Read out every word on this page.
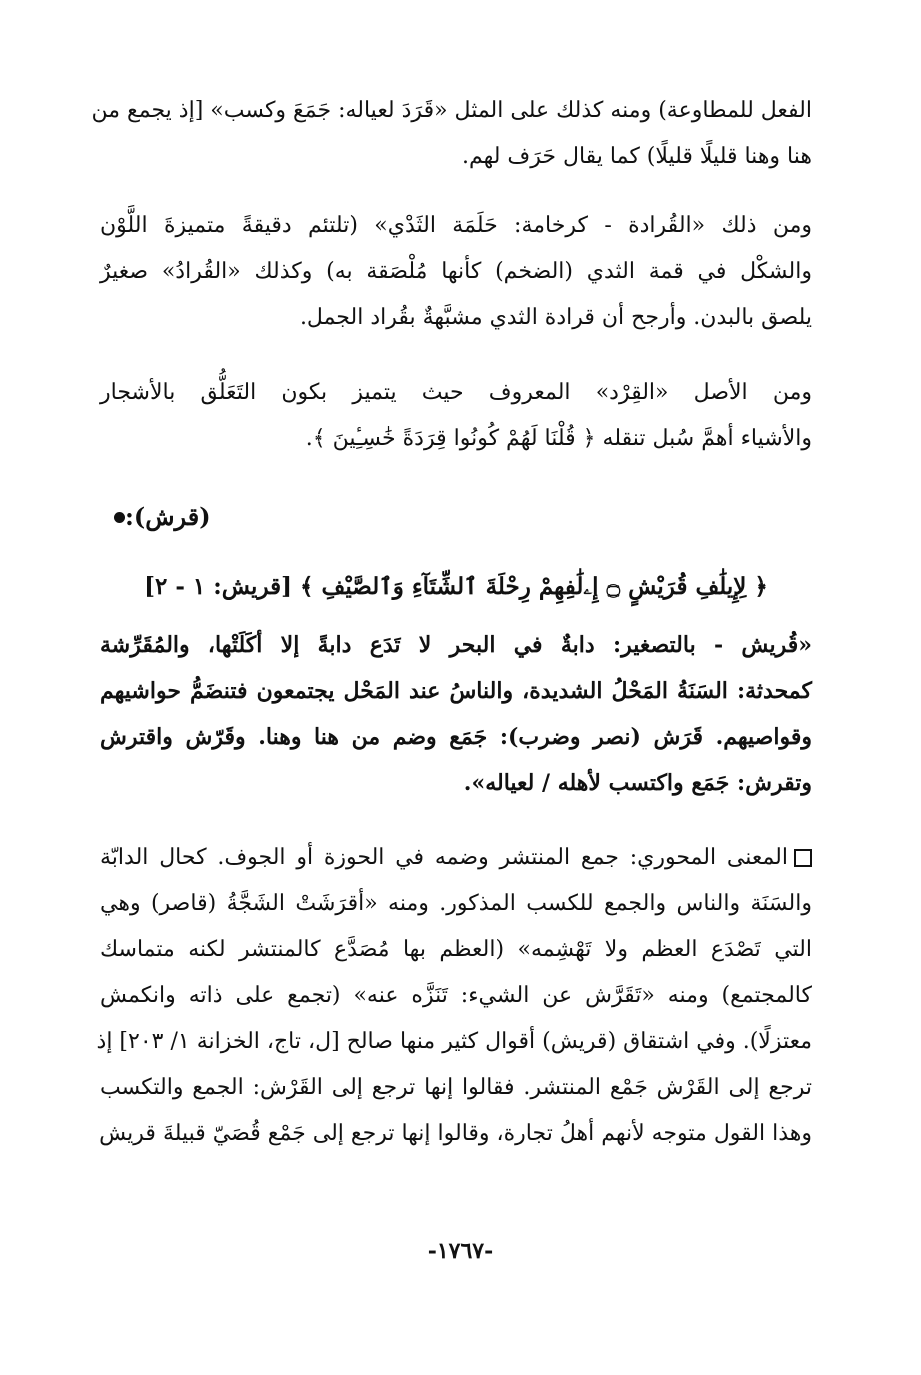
الفعل للمطاوعة) ومنه كذلك على المثل «قَرَدَ لعياله: جَمَعَ وكسب» [إذ يجمع من
هنا وهنا قليلًا قليلًا) كما يقال حَرَف لهم.
ومن ذلك «القُرادة - كرخامة: حَلَمَة الثَدْي» (تلتئم دقيقةً متميزةَ اللَّوْن
والشكْل في قمة الثدي (الضخم) كأنها مُلْصَقة به) وكذلك «القُرادُ» صغيرٌ
يلصق بالبدن. وأرجح أن قرادة الثدي مشبَّهةٌ بقُراد الجمل.
ومن الأصل «القِرْد» المعروف حيث يتميز بكون التَعَلُّق بالأشجار
والأشياء أهمَّ سُبل تنقله ﴿ قُلْنَا لَهُمْ كُونُوا قِرَدَةً خَٰسِـِٔينَ ﴾.
(قرش):
﴿ لِإِيلَٰفِ قُرَيْشٍ ۝ إِۦلَٰفِهِمْ رِحْلَةَ ٱلشِّتَآءِ وَٱلصَّيْفِ ﴾ [قريش: ١ - ٢]
«قُريش - بالتصغير: دابةٌ في البحر لا تَدَع دابةً إلا أكَلَتْها، والمُقَرِّشة
كمحدثة: السَنَةُ المَحْلُ الشديدة، والناسُ عند المَحْل يجتمعون فتنضَمُّ حواشيهم
وقواصيهم. قَرَش (نصر وضرب): جَمَع وضم من هنا وهنا. وقَرّش واقترش
وتقرش: جَمَع واكتسب لأهله / لعياله».
المعنى المحوري: جمع المنتشر وضمه في الحوزة أو الجوف. كحال الدابّة
والسَنَة والناس والجمع للكسب المذكور. ومنه «أقرَشَتْ الشَجَّةُ (قاصر) وهي
التي تَصْدَع العظم ولا تَهْشِمه» (العظم بها مُصَدَّع كالمنتشر لكنه متماسك
كالمجتمع) ومنه «تَقَرَّش عن الشيء: تَنَزَّه عنه» (تجمع على ذاته وانكمش
معتزلًا). وفي اشتقاق (قريش) أقوال كثير منها صالح [ل، تاج، الخزانة ١/ ٢٠٣] إذ
ترجع إلى القَرْش جَمْع المنتشر. فقالوا إنها ترجع إلى القَرْش: الجمع والتكسب
وهذا القول متوجه لأنهم أهلُ تجارة، وقالوا إنها ترجع إلى جَمْع قُصَيّ قبيلةَ قريش
-١٧٦٧-
